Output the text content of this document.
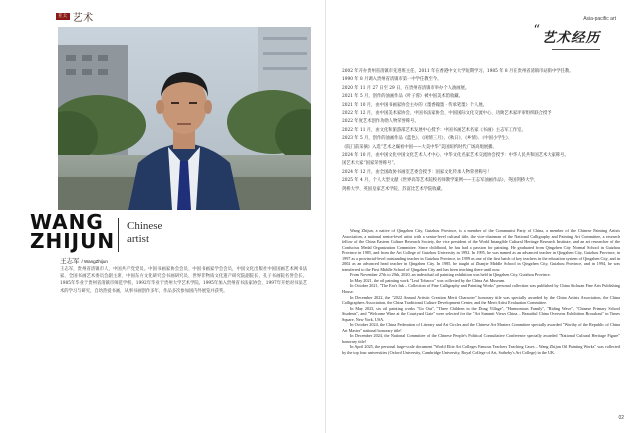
亚太 艺术
WANG
ZHIJUN
Chinese
artist
王志军 / WangZhijun

王志军，贵州省清镇市人，中国共产党党员。中国书画家协会会员、中国书画家学会会员，中国文化出版社中国国画艺术网书法家、全国书画艺术委员会副主席、中国东方文化研究会书画研究员、世界非物质文化遗产研究院副院长、孔子书画院名誉会长。1985年毕业于贵州省清镇市师范学校，1992年毕业于贵州大学艺术学院。1995年加入贵州省书法家协会，1997年开始对书法艺术的学习与研究，自幼热爱书画，从事书画创作多年，作品多次参加国内外展览并获奖。

Asia-pacific art
“ 艺术经历
2002 年开办贵州省清镇市先进班主任，2011 年在香港中文大学短期学习。1985 年 8 月在贵州省清镇市站街中学任教。
1990 年 8 月调入贵州省清镇市第一中学任教至今。
2020 年 11 月 27 日至 29 日，在贵州省清镇市举办个人油画展。
2021 年 5 月，创作的油画作品《叶子蓉》被中国美术馆收藏。
2021 年 10 月，由中国书画家协会主办的《墨香翰墨 · 传承笔墨》个人展。
2022 年 12 月，由中国美术家协会、中国书法家协会、中国国际文化交流中心、功勋艺术家评审组织联合授予
2022 年度艺术创作功勋人物荣誉称号。
2022 年 11 月，由文化和旅游部艺术发展中心授予：中国书画艺术名家《书画》主志军工作室。
2023 年 5 月，创作的油画作品《蓝色》、《闲情三月》、《秋日》、《乡情》、《中国小学生》、
《院门前采摘》入选“艺术之巅看中国——大美中华”美国纽约时代广场高炮展播。
2024 年 10 月，由中国文化中国文化艺术人才中心、中华文化名家艺术交流协会授予：中华人民共和国艺术大家称号。
国艺术大家“国家荣誉称号”。
2024 年 12 月，由全国政协书画室艺委会授予：国家文化传承人物荣誉称号！
2025 年 4 月，个人大型文献《世界高等艺术院校名师教学案例——王志军油画作品》，英国剑桥大学、
剑桥大学、英国皇家艺术学院、苏富比艺术学院收藏。

Wang Zhijun, a native of Qingzhen City, Guizhou Province, is a member of the Communist Party of China, a member of the Chinese Painting Artists Association, a national senior-level artist with a senior-level cultural title, the vice-chairman of the National Calligraphy and Painting Art Committee, a research fellow of the China Eastern Culture Research Society, the vice president of the World Intangible Cultural Heritage Research Institute, and an art researcher of the Confucius Medal Organization Committee. Since childhood, he has had a passion for painting. He graduated from Qingzhen City Normal School in Guizhou Province in 1985, and from the Art College of Guizhou University in 1992. In 1995, he was named as an advanced teacher in Qingzhen City, Guizhou Province, in 1997 as a provincial-level outstanding teacher in Guizhou Province, in 1999 as one of the first batch of key teachers in the education system of Qingzhen City, and in 2002 as an advanced head teacher in Qingzhen City. In 1985, he taught at Zhanjie Middle School in Qingzhen City, Guizhou Province, and in 1994, he was transferred to the First Middle School of Qingzhen City and has been teaching there until now.

From November 27th to 29th, 2020, an individual oil painting exhibition was held in Qingzhen City, Guizhou Province.

In May 2021, the oil painting work "Leaf Tobacco" was collected by the China Art Museum.

In October 2021, "The Era's Ink – Collection of Fine Calligraphy and Painting Works" personal collection was published by China Sichuan Fine Arts Publishing House.

In December 2022, the "2022 Annual Artistic Creation Merit Character" honorary title was specially awarded by the China Artists Association, the China Calligraphers Association, the China Traditional Culture Development Center, and the Merit Artist Evaluation Committee.

In May 2023, six oil painting works "Go Out", "Three Children in the Dong Village", "Harmonious Family", "Riding Wave", "Chinese Primary School Students", and "Welcome Wine at the Courtyard Gate" were selected for the "Art Summit Views China – Beautiful China Overseas Exhibition Broadcast" in Times Square, New York, USA.

In October 2024, the China Federation of Literary and Art Circles and the Chinese Art Masters Committee specially awarded "Worthy of the Republic of China Art Master" national honorary title!

In December 2024, the National Committee of the Chinese People's Political Consultative Conference specially awarded "National Cultural Heritage Figure" honorary title!

In April 2025, the personal large-scale document "World Elite Art Colleges Famous Teachers Teaching Cases – Wang Zhijun Oil Painting Works" was collected by the top four universities (Oxford University, Cambridge University, Royal College of Art, Sotheby's Art College) in the UK.

02
